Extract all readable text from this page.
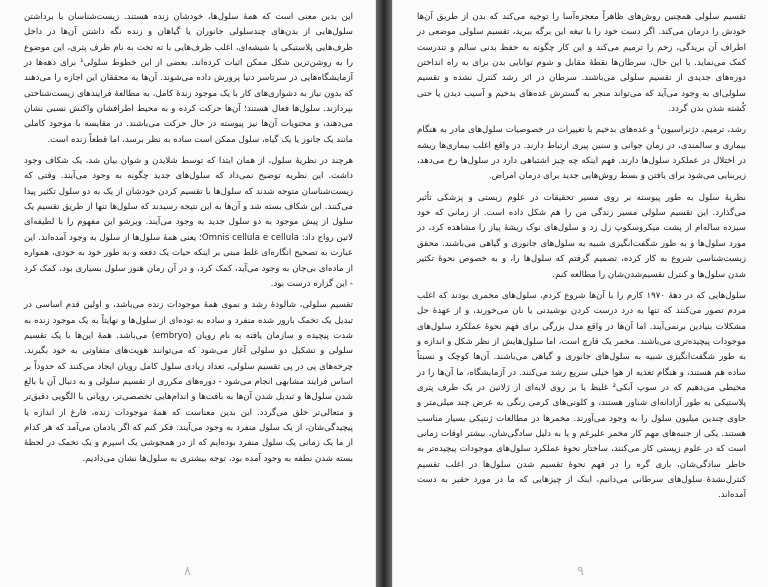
این بدین معنی است که همهٔ سلول‌ها، خودشان زنده هستند. زیست‌شناسان با برداشتن سلول‌هایی از بدن‌های چندسلولی جانوران یا گیاهان و زنده نگه داشتن آن‌ها در داخل ظرف‌هایی پلاستیکی یا شیشه‌ای، اغلب ظرف‌هایی با ته تخت به نام ظرف پتری، این موضوع را به روشن‌ترین شکل ممکن اثبات کرده‌اند. بعضی از این خطوط سلولی¹ برای دهه‌ها در آزمایشگاه‌هایی در سرتاسر دنیا پرورش داده می‌شوند. آن‌ها به محققان این اجازه را می‌دهند که بدون نیاز به دشواری‌های کار با یک موجود زندهٔ کامل، به مطالعهٔ فرایندهای زیست‌شناختی بپردازند. سلول‌ها فعال هستند؛ آن‌ها حرکت کرده و به محیط اطرافشان واکنش نسبی نشان می‌دهند، و محتویات آن‌ها نیز پیوسته در حال حرکت می‌باشند. در مقایسه با موجود کاملی مانند یک جانور یا یک گیاه، سلول ممکن است ساده به نظر برسد، اما قطعاً زنده است.

هرچند در نظریهٔ سلول، از همان ابتدا که توسط شلایدن و شوان بیان شد، یک شکاف وجود داشت. این نظریه توضیح نمی‌داد که سلول‌های جدید چگونه به وجود می‌آیند. وقتی که زیست‌شناسان متوجه شدند که سلول‌ها با تقسیم کردن خودشان از یک به دو سلول تکثیر پیدا می‌کنند. این شکاف بسته شد و آن‌ها به این نتیجه رسیدند که سلول‌ها تنها از طریق تقسیم یک سلول از پیش موجود به دو سلول جدید به وجود می‌آیند. ویرشو این مفهوم را با لطیفه‌ای لاتین رواج داد: Omnis cellula e cellula؛ یعنی همهٔ سلول‌ها از سلول به وجود آمده‌اند. این عبارت به تصحیح انگاره‌ای غلط مبنی بر اینکه حیات یک دفعه و به طور خود به خودی، همواره از ماده‌ای بی‌جان به وجود می‌آید، کمک کرد، و در آن زمان هنوز سلول بسیاری بود، کمک کرد - این گزاره درست بود.

تقسیم سلولی، شالودهٔ رشد و نموی همهٔ موجودات زنده می‌باشد، و اولین قدم اساسی در تبدیل یک تخمک بارور شده منفرد و ساده به توده‌ای از سلول‌ها و نهایتاً به یک موجود زنده به شدت پیچیده و سازمان یافته به نام رویان (embryo) می‌باشد. همهٔ این‌ها با یک تقسیم سلولی و تشکیل دو سلولی آغاز می‌شود که می‌توانند هویت‌های متفاوتی به خود بگیرند. چرخه‌های پی در پی تقسیم سلولی، تعداد زیادی سلول کامل رویان ایجاد می‌کنند که حدوداً بر اساس فرایند مشابهی انجام می‌شود - دوره‌های مکرری از تقسیم سلولی و به دنبال آن با بالغ شدن سلول‌ها و تبدیل شدن آن‌ها به بافت‌ها و اندام‌هایی تخصصی‌تر، رویانی با الگویی دقیق‌تر و متعالی‌تر خلق می‌گردد. این بدین معناست که همهٔ موجودات زنده، فارغ از اندازه یا پیچیدگی‌شان، از یک سلول منفرد به وجود می‌آیند. فکر کنم که اگر یادمان می‌آمد که هر کدام از ما یک زمانی یک سلول منفرد بوده‌ایم که از در همجوشی یک اسپرم و یک تخمک در لحظهٔ بسته شدن نطفه به وجود آمده بود، توجه بیشتری به سلول‌ها نشان می‌دادیم.

۸

تقسیم سلولی همچنین روش‌های ظاهراً معجزه‌آسا را توجیه می‌کند که بدن از طریق آن‌ها خودش را درمان می‌کند. اگر دست خود را با تیغه این برگه ببرید، تقسیم سلولی موضعی در اطراف آن بریدگی، زخم را ترمیم می‌کند و این کار چگونه به حفظ بدنی سالم و تندرست کمک می‌نماید. با این حال، سرطان‌ها نقطهٔ مقابل و شوم توانایی بدن برای به راه انداختن دوره‌های جدیدی از تقسیم سلولی می‌باشند. سرطان در اثر رشد کنترل نشده و تقسیم سلولی‌ای به وجود می‌آید که می‌تواند منجر به گسترش غده‌های بدخیم و آسیب دیدن یا حتی کُشته شدن بدن گردد.

رشد، ترمیم، دژنراسیون¹ و غده‌های بدخیم با تغییرات در خصوصیات سلول‌های مادر به هنگام بیماری و سالمندی، در زمان جوانی و سنین پیری ارتباط دارند. در واقع اغلب بیماری‌ها ریشه در اختلال در عملکرد سلول‌ها دارند. فهم اینکه چه چیز اشتباهی دارد در سلول‌ها رخ می‌دهد، زیربنایی می‌شود برای یافتن و بسط روش‌هایی جدید برای درمان امراض.

نظریهٔ سلول به طور پیوسته بر روی مسیر تحقیقات در علوم زیستی و پزشکی تأثیر می‌گذارد. این تقسیم سلولی مسیر زندگی من را هم شکل داده است. از زمانی که خود سیزده ساله‌ام از پشت میکروسکوپ زل زد و سلول‌های نوک ریشهٔ پیاز را مشاهده کرد، در مورد سلول‌ها و به طور شگفت‌انگیزی شبیه به سلول‌های جانوری و گیاهی می‌باشند. محقق زیست‌شناسی شروع به کار کرده، تصمیم گرفتم که سلول‌ها را، و به خصوص نحوهٔ تکثیر شدن سلول‌ها و کنترل تقسیم‌شدن‌شان را مطالعه کنم.

سلول‌هایی که در دههٔ ۱۹۷۰ کارم را با آن‌ها شروع کردم، سلول‌های مخمری بودند که اغلب مردم تصور می‌کنند که تنها به درد درست کردن نوشیدنی یا نان می‌خورند، و از عهدهٔ حل مشکلات بنیادین برنمی‌آیند. اما آن‌ها در واقع مدل بزرگی برای فهم نحوهٔ عملکرد سلول‌های موجودات پیچیده‌تری می‌باشند. مخمر یک قارچ است، اما سلول‌هایش از نظر شکل و اندازه و به طور شگفت‌انگیزی شبیه به سلول‌های جانوری و گیاهی می‌باشند. آن‌ها کوچک و نسبتاً ساده هم هستند، و هنگام تغذیه از هوا خیلی سریع رشد می‌کنند. در آزمایشگاه، ما آن‌ها را در محیطی می‌دهیم که در سوپ آبکی² غلیظ یا بر روی لایه‌ای از ژلاتین در یک ظرف پتری پلاستیکی به طور آزادانه‌ای شناور هستند، و کلونی‌های کرمی رنگی به عرض چند میلی‌متر و حاوی چندین میلیون سلول را به وجود می‌آورند. مخمرها در مطالعات ژنتیکی بسیار مناسب هستند. یکی از جنبه‌های مهم کار مخمر علیرغم و یا به دلیل سادگی‌شان، بیشتر اوقات زمانی است که در علوم زیستی کار می‌کنند، ساختار نحوهٔ عملکرد سلول‌های موجودات پیچیده‌تر به خاطر سادگی‌شان، باری گره را در فهم نحوهٔ تقسیم شدن سلول‌ها در اغلب تقسیم کنترل‌نشدهٔ سلول‌های سرطانی می‌دانیم، اینک از چیزهایی که ما در مورد حقیر به دست آمده‌اند.

۹
